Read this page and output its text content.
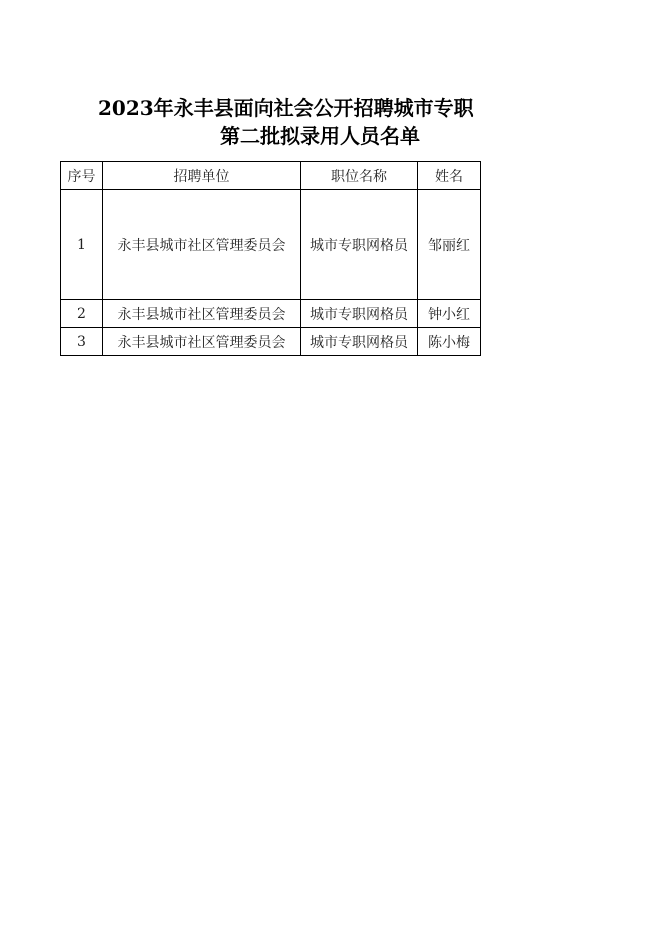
2023年永丰县面向社会公开招聘城市专职
第二批拟录用人员名单
序号	招聘单位	职位名称	姓名
1	永丰县城市社区管理委员会	城市专职网格员	邹丽红
2	永丰县城市社区管理委员会	城市专职网格员	钟小红
3	永丰县城市社区管理委员会	城市专职网格员	陈小梅
